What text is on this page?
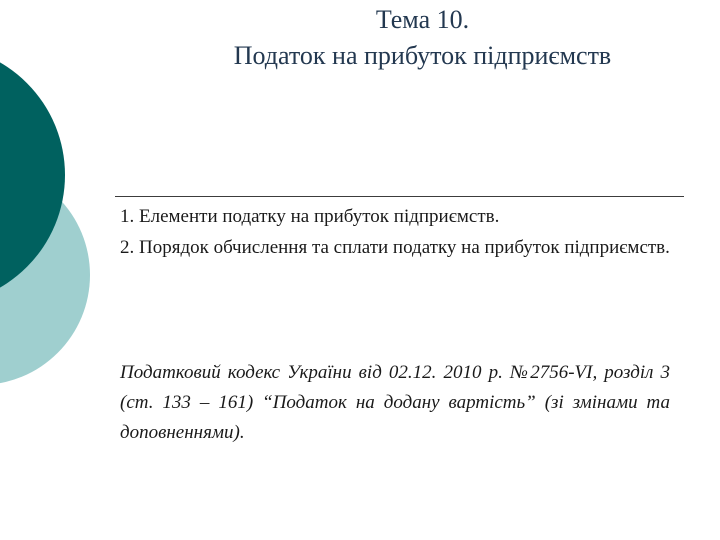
Тема 10.
Податок на прибуток підприємств
1. Елементи податку на прибуток підприємств.
2. Порядок обчислення та сплати податку на прибуток підприємств.
Податковий кодекс України від 02.12. 2010 р. №2756-VI, розділ 3 (ст. 133 – 161) “Податок на додану вартість” (зі змінами та доповненнями).
